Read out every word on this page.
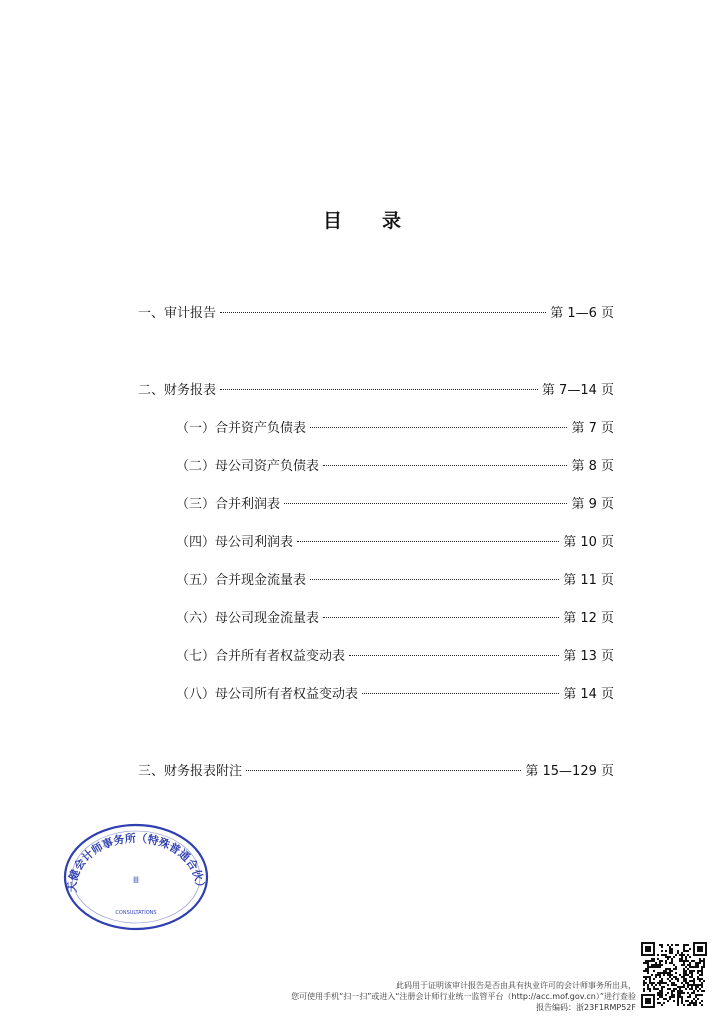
目 录
一、审计报告	第 1—6 页
二、财务报表	第 7—14 页
（一）合并资产负债表	第 7 页
（二）母公司资产负债表	第 8 页
（三）合并利润表	第 9 页
（四）母公司利润表	第 10 页
（五）合并现金流量表	第 11 页
（六）母公司现金流量表	第 12 页
（七）合并所有者权益变动表	第 13 页
（八）母公司所有者权益变动表	第 14 页
三、财务报表附注	第 15—129 页
天健会计师事务所（特殊普通合伙）
Ⅲ
CONSULTATIONS
此码用于证明该审计报告是否由具有执业许可的会计师事务所出具，
您可使用手机“扫一扫”或进入“注册会计师行业统一监管平台（http://acc.mof.gov.cn）”进行查验
报告编码：浙23F1RMP52F
